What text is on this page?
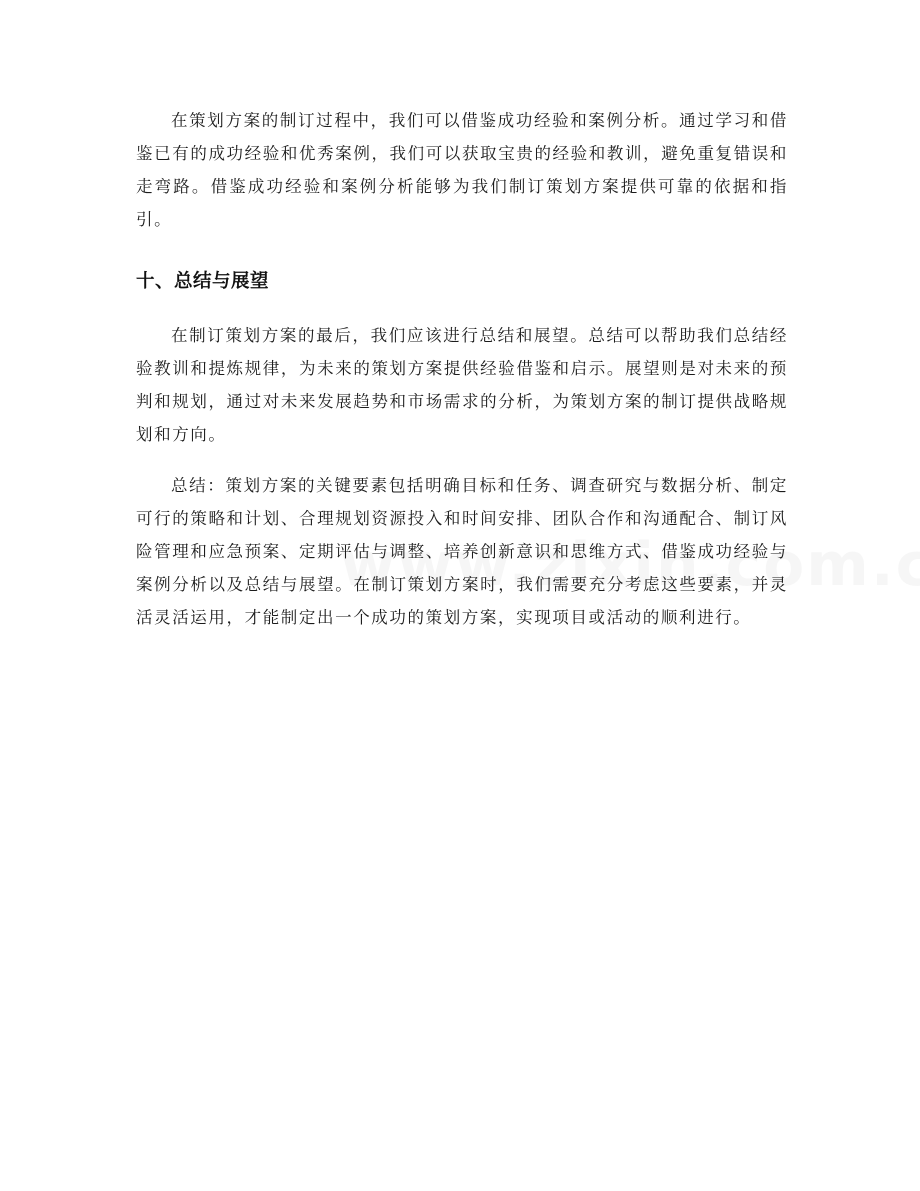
在策划方案的制订过程中，我们可以借鉴成功经验和案例分析。通过学习和借鉴已有的成功经验和优秀案例，我们可以获取宝贵的经验和教训，避免重复错误和走弯路。借鉴成功经验和案例分析能够为我们制订策划方案提供可靠的依据和指引。

十、总结与展望

在制订策划方案的最后，我们应该进行总结和展望。总结可以帮助我们总结经验教训和提炼规律，为未来的策划方案提供经验借鉴和启示。展望则是对未来的预判和规划，通过对未来发展趋势和市场需求的分析，为策划方案的制订提供战略规划和方向。

总结：策划方案的关键要素包括明确目标和任务、调查研究与数据分析、制定可行的策略和计划、合理规划资源投入和时间安排、团队合作和沟通配合、制订风险管理和应急预案、定期评估与调整、培养创新意识和思维方式、借鉴成功经验与案例分析以及总结与展望。在制订策划方案时，我们需要充分考虑这些要素，并灵活灵活运用，才能制定出一个成功的策划方案，实现项目或活动的顺利进行。
